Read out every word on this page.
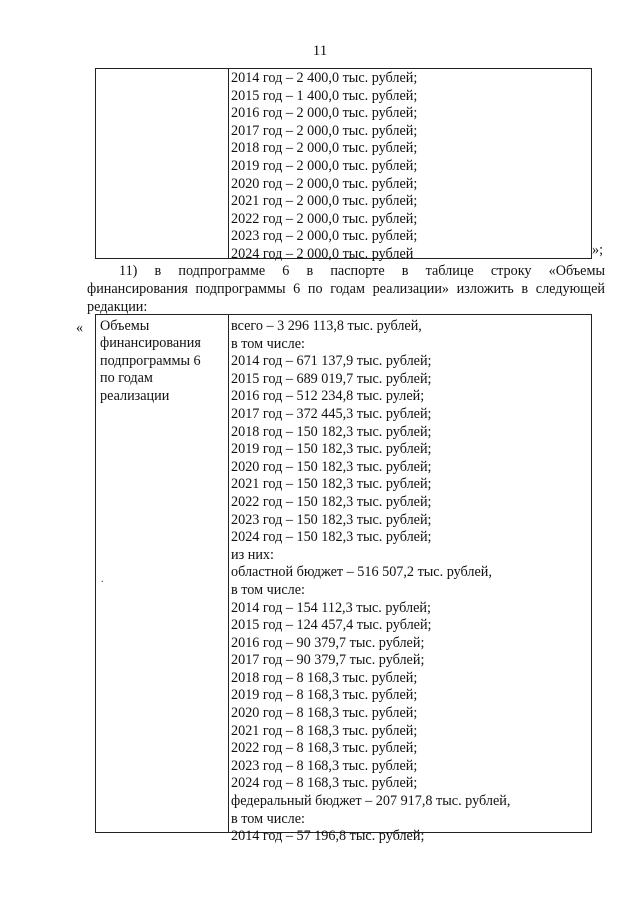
11
2014 год – 2 400,0 тыс. рублей;
2015 год – 1 400,0 тыс. рублей;
2016 год – 2 000,0 тыс. рублей;
2017 год – 2 000,0 тыс. рублей;
2018 год – 2 000,0 тыс. рублей;
2019 год – 2 000,0 тыс. рублей;
2020 год – 2 000,0 тыс. рублей;
2021 год – 2 000,0 тыс. рублей;
2022 год – 2 000,0 тыс. рублей;
2023 год – 2 000,0 тыс. рублей;
2024 год – 2 000,0 тыс. рублей	»;
11) в подпрограмме 6 в паспорте в таблице строку «Объемы
финансирования подпрограммы 6 по годам реализации» изложить в следующей
редакции:
« Объемы
финансирования
подпрограммы 6
по годам
реализации
всего – 3 296 113,8 тыс. рублей,
в том числе:
2014 год – 671 137,9 тыс. рублей;
2015 год – 689 019,7 тыс. рублей;
2016 год – 512 234,8 тыс. рулей;
2017 год – 372 445,3 тыс. рублей;
2018 год – 150 182,3 тыс. рублей;
2019 год – 150 182,3 тыс. рублей;
2020 год – 150 182,3 тыс. рублей;
2021 год – 150 182,3 тыс. рублей;
2022 год – 150 182,3 тыс. рублей;
2023 год – 150 182,3 тыс. рублей;
2024 год – 150 182,3 тыс. рублей;
из них:
областной бюджет – 516 507,2 тыс. рублей,
в том числе:
2014 год – 154 112,3 тыс. рублей;
2015 год – 124 457,4 тыс. рублей;
2016 год – 90 379,7 тыс. рублей;
2017 год – 90 379,7 тыс. рублей;
2018 год – 8 168,3 тыс. рублей;
2019 год – 8 168,3 тыс. рублей;
2020 год – 8 168,3 тыс. рублей;
2021 год – 8 168,3 тыс. рублей;
2022 год – 8 168,3 тыс. рублей;
2023 год – 8 168,3 тыс. рублей;
2024 год – 8 168,3 тыс. рублей;
федеральный бюджет – 207 917,8 тыс. рублей,
в том числе:
2014 год – 57 196,8 тыс. рублей;
.
